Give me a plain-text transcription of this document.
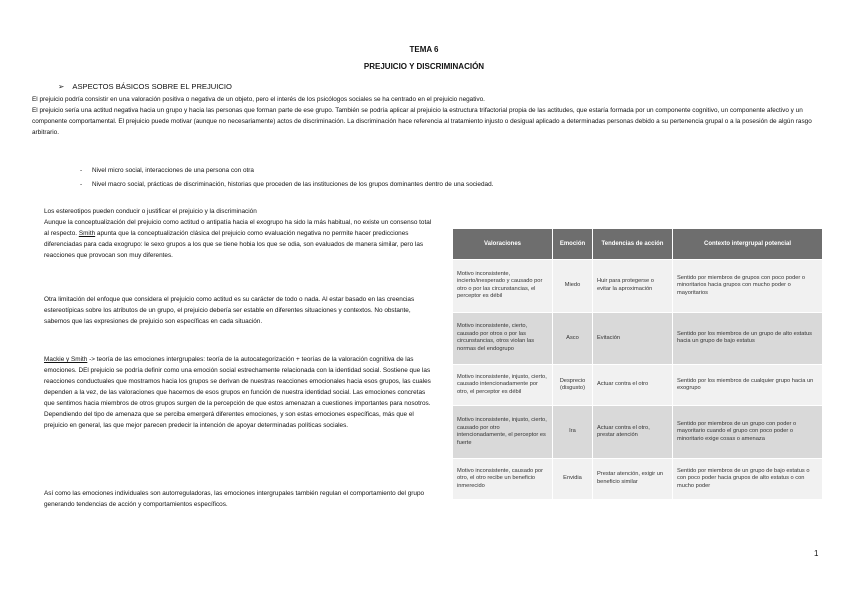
TEMA 6
PREJUICIO Y DISCRIMINACIÓN
➢ ASPECTOS BÁSICOS SOBRE EL PREJUICIO
El prejuicio podría consistir en una valoración positiva o negativa de un objeto, pero el interés de los psicólogos sociales se ha centrado en el prejuicio negativo.
El prejuicio sería una actitud negativa hacia un grupo y hacia las personas que forman parte de ese grupo. También se podría aplicar al prejuicio la estructura trifactorial propia de las actitudes, que estaría formada por un componente cognitivo, un componente afectivo y un componente comportamental. El prejuicio puede motivar (aunque no necesariamente) actos de discriminación. La discriminación hace referencia al tratamiento injusto o desigual aplicado a determinadas personas debido a su pertenencia grupal o a la posesión de algún rasgo arbitrario.
- Nivel micro social, interacciones de una persona con otra
- Nivel macro social, prácticas de discriminación, historias que proceden de las instituciones de los grupos dominantes dentro de una sociedad.
Los estereotipos pueden conducir o justificar el prejuicio y la discriminación
Aunque la conceptualización del prejuicio como actitud o antipatía hacia el exogrupo ha sido la más habitual, no existe un consenso total al respecto. Smith apunta que la conceptualización clásica del prejuicio como evaluación negativa no permite hacer predicciones diferenciadas para cada exogrupo: le sexo grupos a los que se tiene hobia los que se odia, son evaluados de manera similar, pero las reacciones que provocan son muy diferentes.
Otra limitación del enfoque que considera el prejuicio como actitud es su carácter de todo o nada. Al estar basado en las creencias estereotípicas sobre los atributos de un grupo, el prejuicio debería ser estable en diferentes situaciones y contextos. No obstante, sabemos que las expresiones de prejuicio son específicas en cada situación.
Mackie y Smith -> teoría de las emociones intergrupales: teoría de la autocategorización + teorías de la valoración cognitiva de las emociones. DEl prejuicio se podría definir como una emoción social estrechamente relacionada con la identidad social. Sostiene que las reacciones conductuales que mostramos hacia los grupos se derivan de nuestras reacciones emocionales hacia esos grupos, las cuales dependen a la vez, de las valoraciones que hacemos de esos grupos en función de nuestra identidad social. Las emociones concretas que sentimos hacia miembros de otros grupos surgen de la percepción de que estos amenazan a cuestiones importantes para nosotros. Dependiendo del tipo de amenaza que se perciba emergerá diferentes emociones, y son estas emociones específicas, más que el prejuicio en general, las que mejor parecen predecir la intención de apoyar determinadas políticas sociales.
Así como las emociones individuales son autorreguladoras, las emociones intergrupales también regulan el comportamiento del grupo generando tendencias de acción y comportamientos específicos.
Valoraciones	Emoción	Tendencias de acción	Contexto intergrupal potencial
Motivo inconsistente, incierto/inesperado y causado por otro o por las circunstancias, el perceptor es débil	Miedo	Huir para protegerse o evitar la aproximación	Sentido por miembros de grupos con poco poder o minoritarios hacia grupos con mucho poder o mayoritarios
Motivo inconsistente, cierto, causado por otros o por las circunstancias, otros violan las normas del endogrupo	Asco	Evitación	Sentido por los miembros de un grupo de alto estatus hacia un grupo de bajo estatus
Motivo inconsistente, injusto, cierto, causado intencionadamente por otro, el perceptor es débil	Desprecio (disgusto)	Actuar contra el otro	Sentido por los miembros de cualquier grupo hacia un exogrupo
Motivo inconsistente, injusto, cierto, causado por otro intencionadamente, el perceptor es fuerte	Ira	Actuar contra el otro, prestar atención	Sentido por miembros de un grupo con poder o mayoritario cuando el grupo con poco poder o minoritario exige cosas o amenaza
Motivo inconsistente, causado por otro, el otro recibe un beneficio inmerecido	Envidia	Prestar atención, exigir un beneficio similar	Sentido por miembros de un grupo de bajo estatus o con poco poder hacia grupos de alto estatus o con mucho poder
1
